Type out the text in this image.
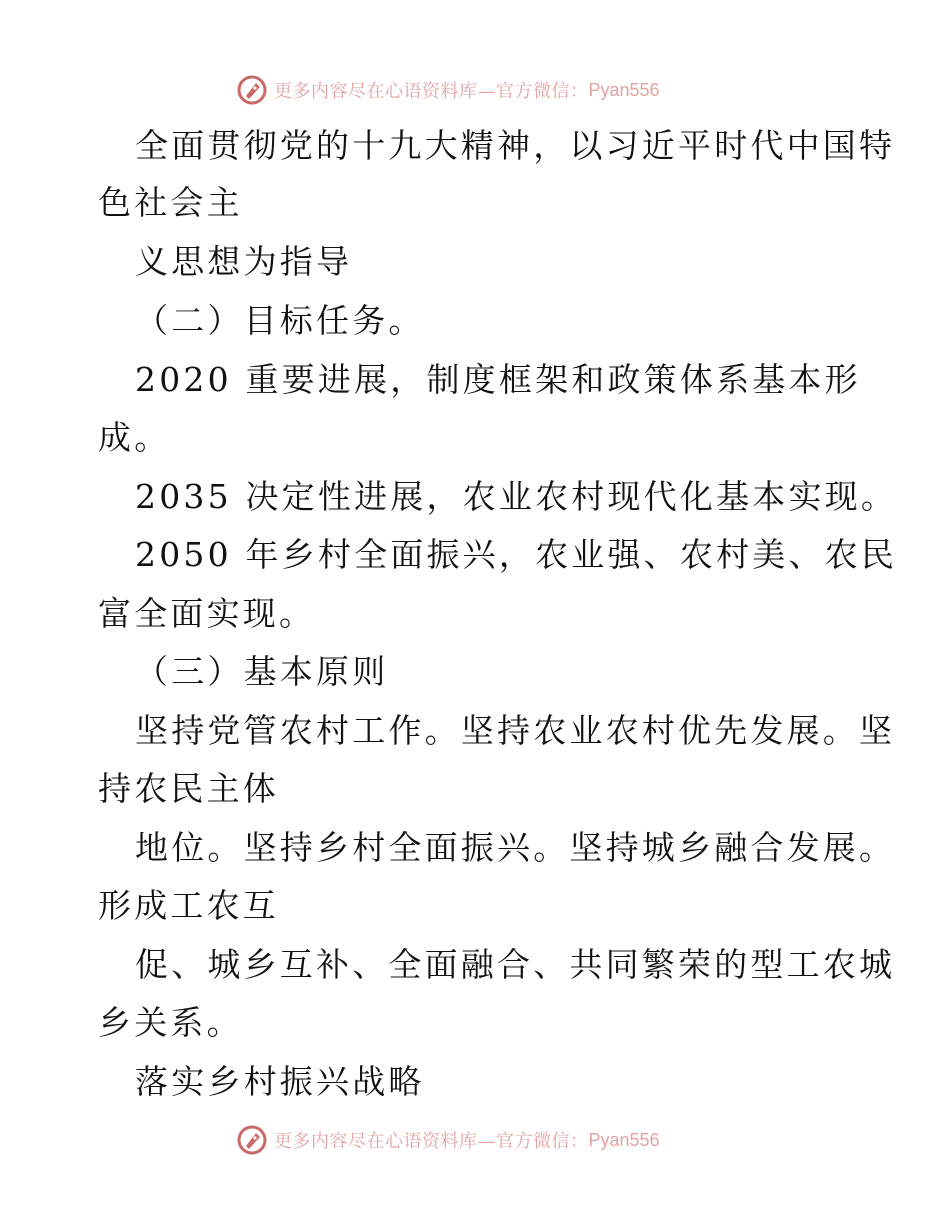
更多内容尽在心语资料库—官方微信： Pyan556
全面贯彻党的十九大精神，以习近平时代中国特
色社会主
义思想为指导
（二）目标任务。
2020 重要进展，制度框架和政策体系基本形
成。
2035 决定性进展，农业农村现代化基本实现。
2050 年乡村全面振兴，农业强、农村美、农民
富全面实现。
（三）基本原则
坚持党管农村工作。坚持农业农村优先发展。坚
持农民主体
地位。坚持乡村全面振兴。坚持城乡融合发展。
形成工农互
促、城乡互补、全面融合、共同繁荣的型工农城
乡关系。
落实乡村振兴战略
更多内容尽在心语资料库—官方微信： Pyan556
